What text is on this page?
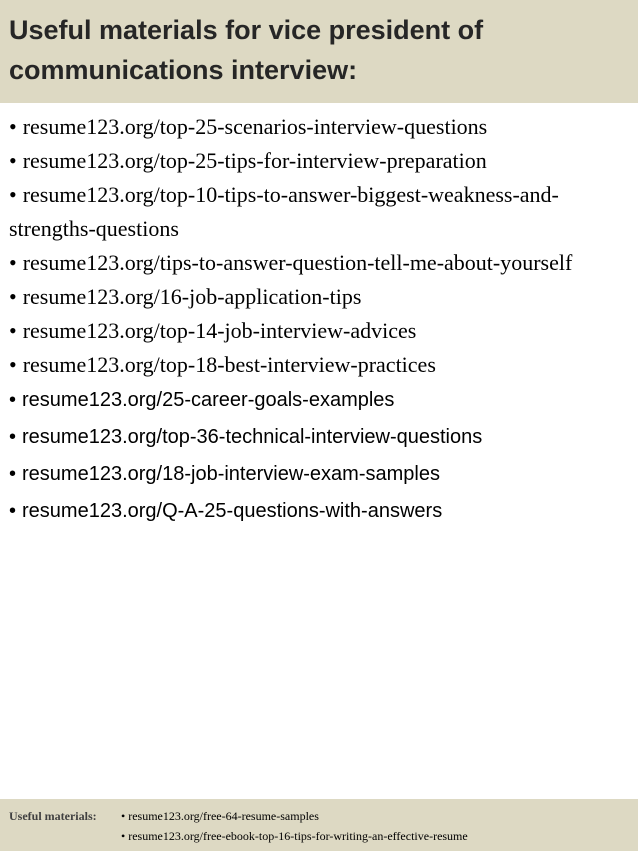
Useful materials for vice president of
communications interview:
• resume123.org/top-25-scenarios-interview-questions
• resume123.org/top-25-tips-for-interview-preparation
• resume123.org/top-10-tips-to-answer-biggest-weakness-and-strengths-questions
• resume123.org/tips-to-answer-question-tell-me-about-yourself
• resume123.org/16-job-application-tips
• resume123.org/top-14-job-interview-advices
• resume123.org/top-18-best-interview-practices
• resume123.org/25-career-goals-examples
• resume123.org/top-36-technical-interview-questions
• resume123.org/18-job-interview-exam-samples
• resume123.org/Q-A-25-questions-with-answers
Useful materials: • resume123.org/free-64-resume-samples
• resume123.org/free-ebook-top-16-tips-for-writing-an-effective-resume
